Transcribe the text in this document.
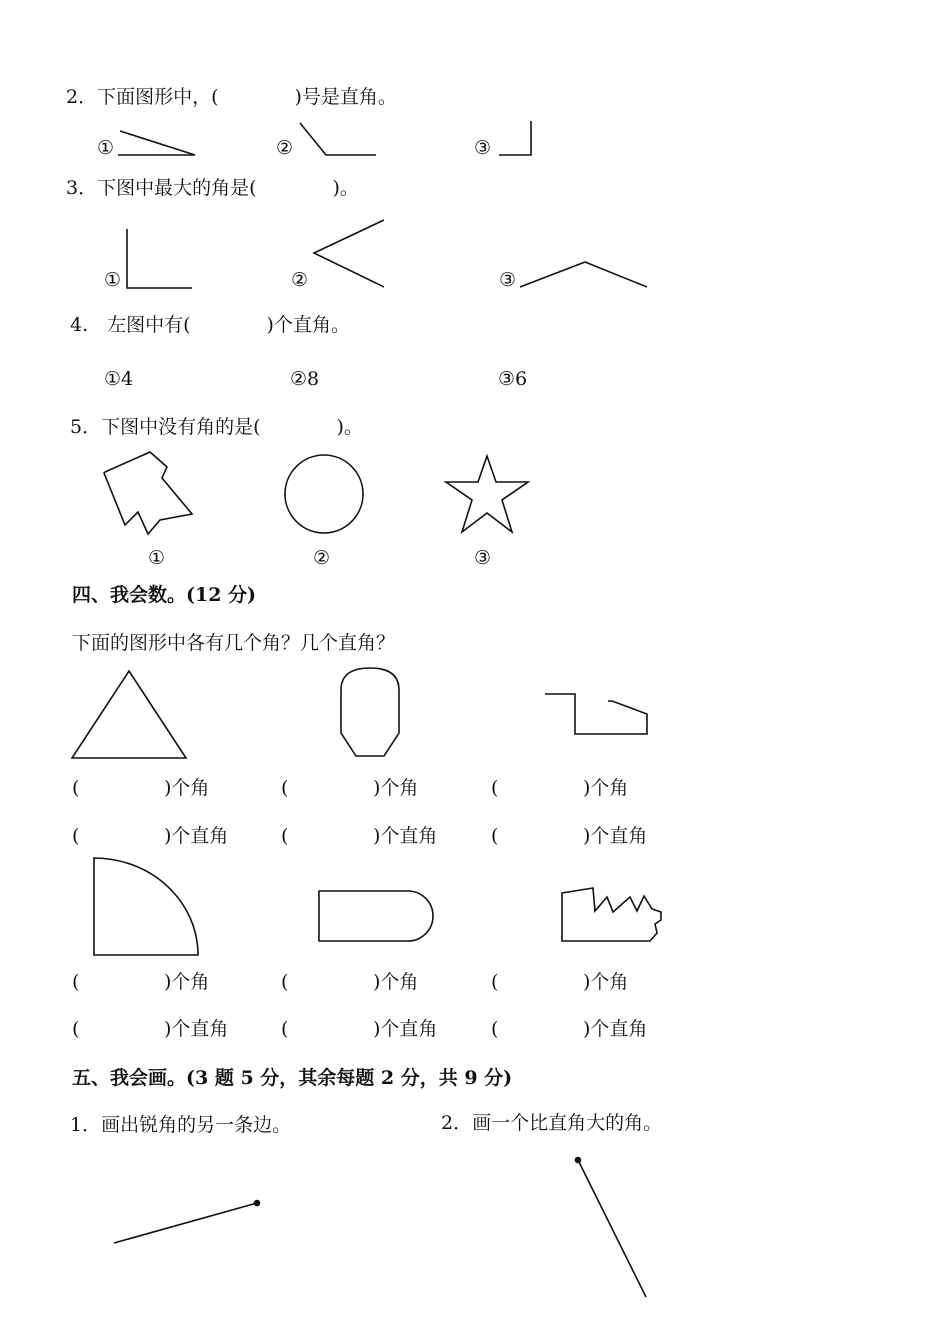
2．下面图形中，(　　　　)号是直角。
①	②	③
3．下图中最大的角是(　　　　)。
①	②	③
4.　左图中有(　　　　)个直角。
①4	②8	③6
5．下图中没有角的是(　　　　)。
①	②	③
四、我会数。(12 分)
下面的图形中各有几个角？几个直角？
(	)个角	(	)个角	(	)个角
(	)个直角	(	)个直角	(	)个直角
(	)个角	(	)个角	(	)个角
(	)个直角	(	)个直角	(	)个直角
五、我会画。(3 题 5 分，其余每题 2 分，共 9 分)
1．画出锐角的另一条边。	2．画一个比直角大的角。
